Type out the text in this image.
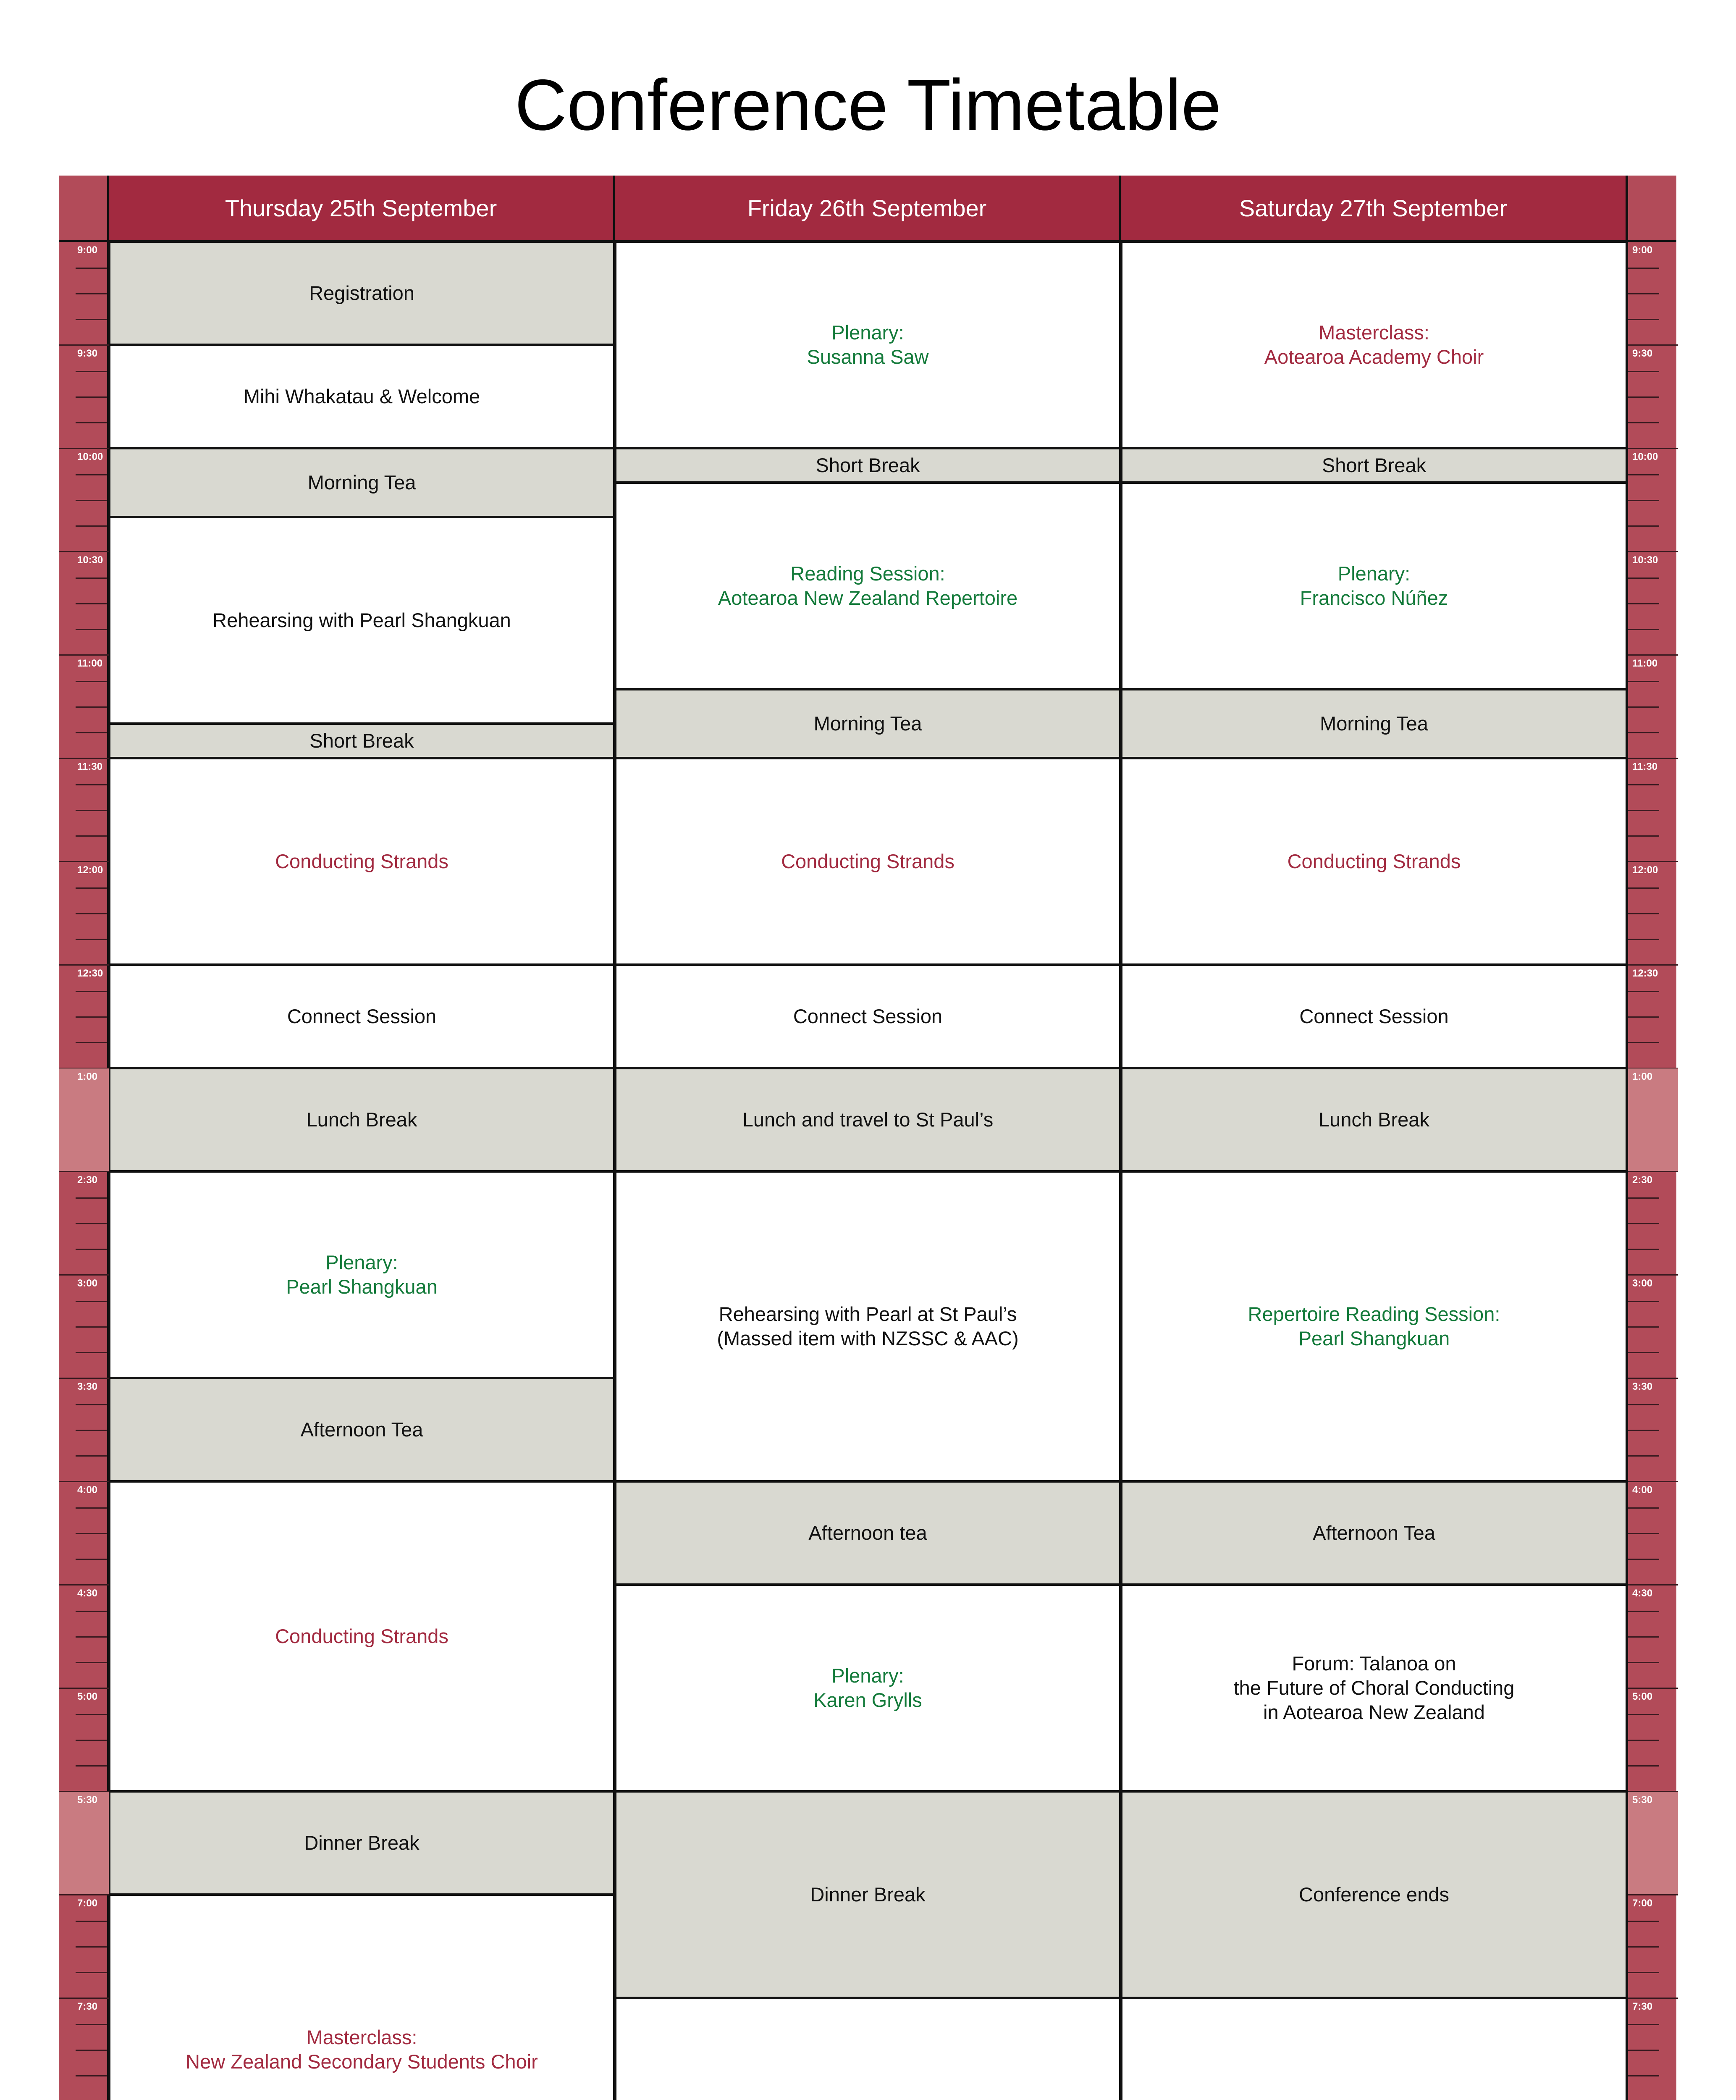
Conference Timetable
9:00
9:30
10:00
10:30
11:00
11:30
12:00
12:30
1:00
2:30
3:00
3:30
4:00
4:30
5:00
5:30
7:00
7:30
9:00
9:30
10:00
10:30
11:00
11:30
12:00
12:30
1:00
2:30
3:00
3:30
4:00
4:30
5:00
5:30
7:00
7:30
Thursday 25th September	Friday 26th September	Saturday 27th September
Registration
Mihi Whakatau & Welcome
Morning Tea
Rehearsing with Pearl Shangkuan
Short Break
Conducting Strands
Connect Session
Lunch Break
Plenary:
Pearl Shangkuan
Afternoon Tea
Conducting Strands
Dinner Break
Masterclass:
New Zealand Secondary Students Choir
Plenary:
Susanna Saw
Short Break
Reading Session:
Aotearoa New Zealand Repertoire
Morning Tea
Conducting Strands
Connect Session
Lunch and travel to St Paul’s
Rehearsing with Pearl at St Paul’s
(Massed item with NZSSC & AAC)
Afternoon tea
Plenary:
Karen Grylls
Dinner Break
Masterclass:
Aotearoa Academy Choir
Short Break
Plenary:
Francisco Núñez
Morning Tea
Conducting Strands
Connect Session
Lunch Break
Repertoire Reading Session:
Pearl Shangkuan
Afternoon Tea
Forum: Talanoa on
the Future of Choral Conducting
in Aotearoa New Zealand
Conference ends
